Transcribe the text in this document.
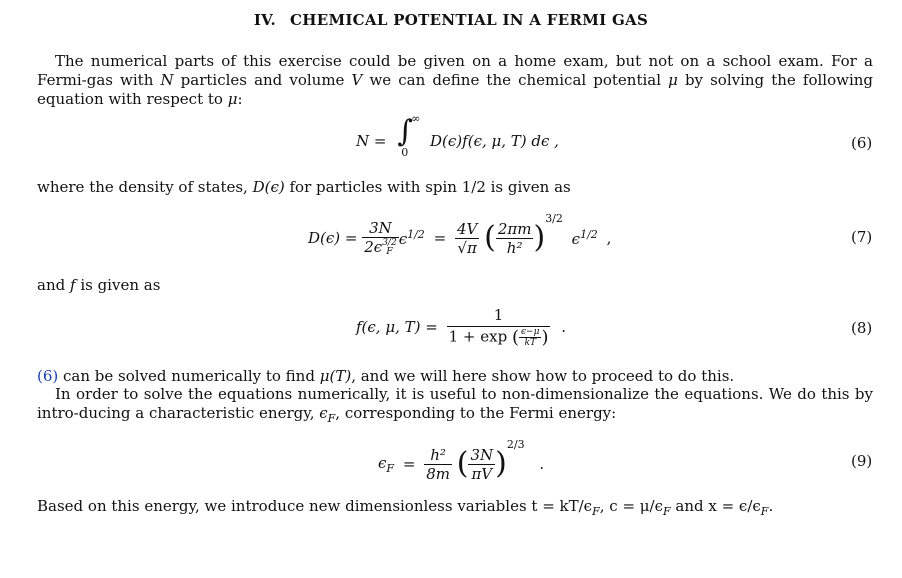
IV. CHEMICAL POTENTIAL IN A FERMI GAS
The numerical parts of this exercise could be given on a home exam, but not on a school exam. For a Fermi-gas with N particles and volume V we can define the chemical potential μ by solving the following equation with respect to μ:
N = ∫
∞
0
D(ϵ)f(ϵ, μ, T) dϵ ,	(6)
where the density of states, D(ϵ) for particles with spin 1/2 is given as
D(ϵ) = 3N
2ϵ 3/2
F $\epsilon^{1/2} = \frac{4V}{√\pi}$ ( $\frac{2\pi m}{\text{h²}} )^{3/2}$ $\epsilon^{1/2}$ ,	(7)
and f is given as
f(ϵ, μ, $T) = \frac{1}{1 + \exp ( \frac{\epsilon-\mu}{kT} )}$ .	(8)
(6) can be solved numerically to find μ(T), and we will here show how to proceed to do this.
In order to solve the equations numerically, it is useful to non-dimensionalize the equations. We do this by intro-ducing a characteristic energy, $\epsilon_F$, corresponding to the Fermi energy:
$\epsilon_F = \frac{\text{h²}}{8m}$ ( $\frac{3N}{\pi V} )^{2/3}$ .	(9)
Based on this energy, we introduce new dimensionless variables $t = kT/\epsilon_F$, $c = \mu/\epsilon_F$ and $x = \epsilon/\epsilon_F$.
